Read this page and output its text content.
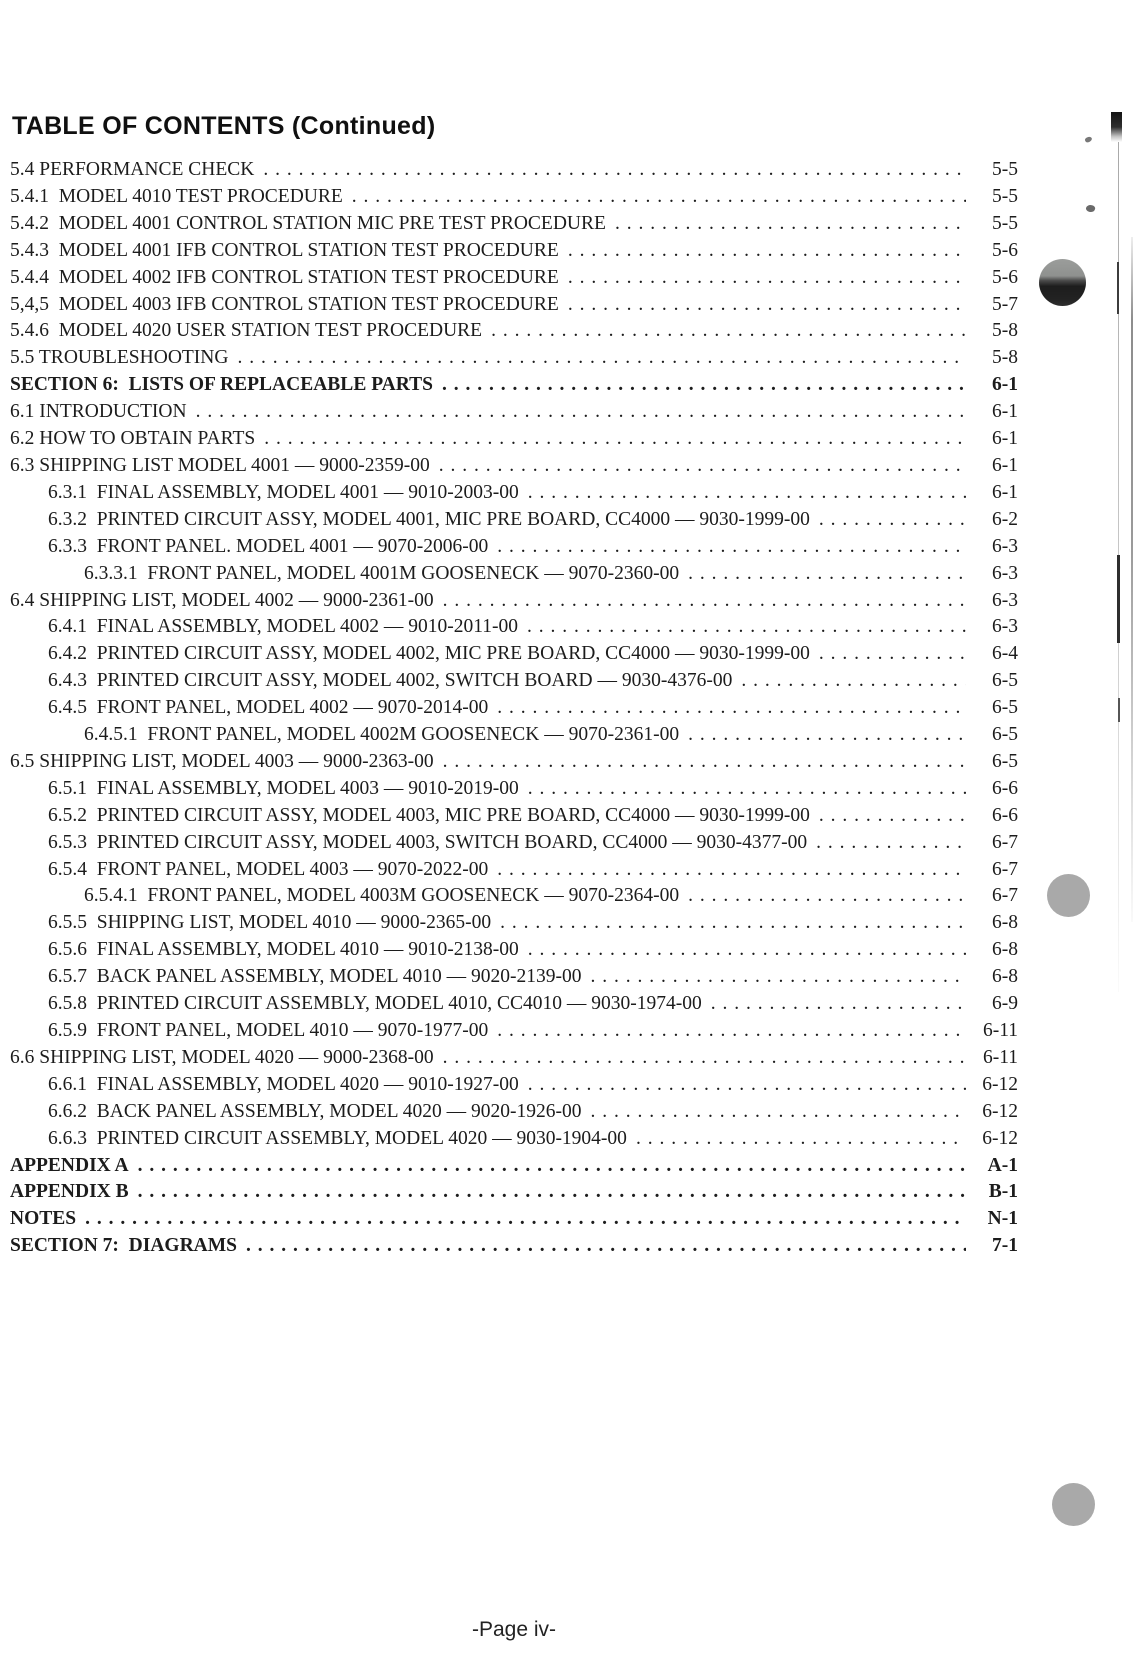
TABLE OF CONTENTS (Continued)
5.4 PERFORMANCE CHECK . . .	5-5
5.4.1  MODEL 4010 TEST PROCEDURE . . .	5-5
5.4.2  MODEL 4001 CONTROL STATION MIC PRE TEST PROCEDURE . . .	5-5
5.4.3  MODEL 4001 IFB CONTROL STATION TEST PROCEDURE . . .	5-6
5.4.4  MODEL 4002 IFB CONTROL STATION TEST PROCEDURE . . .	5-6
5,4,5  MODEL 4003 IFB CONTROL STATION TEST PROCEDURE . . .	5-7
5.4.6  MODEL 4020 USER STATION TEST PROCEDURE . . .	5-8
5.5 TROUBLESHOOTING . . .	5-8
SECTION 6:  LISTS OF REPLACEABLE PARTS . . .	6-1
6.1 INTRODUCTION . . .	6-1
6.2 HOW TO OBTAIN PARTS . . .	6-1
6.3 SHIPPING LIST MODEL 4001 — 9000-2359-00 . . .	6-1
6.3.1  FINAL ASSEMBLY, MODEL 4001 — 9010-2003-00 . . .	6-1
6.3.2  PRINTED CIRCUIT ASSY, MODEL 4001, MIC PRE BOARD, CC4000 — 9030-1999-00 . . .	6-2
6.3.3  FRONT PANEL. MODEL 4001 — 9070-2006-00 . . .	6-3
6.3.3.1  FRONT PANEL, MODEL 4001M GOOSENECK — 9070-2360-00 . . .	6-3
6.4 SHIPPING LIST, MODEL 4002 — 9000-2361-00 . . .	6-3
6.4.1  FINAL ASSEMBLY, MODEL 4002 — 9010-2011-00 . . .	6-3
6.4.2  PRINTED CIRCUIT ASSY, MODEL 4002, MIC PRE BOARD, CC4000 — 9030-1999-00 . . .	6-4
6.4.3  PRINTED CIRCUIT ASSY, MODEL 4002, SWITCH BOARD — 9030-4376-00 . . .	6-5
6.4.5  FRONT PANEL, MODEL 4002 — 9070-2014-00 . . .	6-5
6.4.5.1  FRONT PANEL, MODEL 4002M GOOSENECK — 9070-2361-00 . . .	6-5
6.5 SHIPPING LIST, MODEL 4003 — 9000-2363-00 . . .	6-5
6.5.1  FINAL ASSEMBLY, MODEL 4003 — 9010-2019-00 . . .	6-6
6.5.2  PRINTED CIRCUIT ASSY, MODEL 4003, MIC PRE BOARD, CC4000 — 9030-1999-00 . . .	6-6
6.5.3  PRINTED CIRCUIT ASSY, MODEL 4003, SWITCH BOARD, CC4000 — 9030-4377-00 . . .	6-7
6.5.4  FRONT PANEL, MODEL 4003 — 9070-2022-00 . . .	6-7
6.5.4.1  FRONT PANEL, MODEL 4003M GOOSENECK — 9070-2364-00 . . .	6-7
6.5.5  SHIPPING LIST, MODEL 4010 — 9000-2365-00 . . .	6-8
6.5.6  FINAL ASSEMBLY, MODEL 4010 — 9010-2138-00 . . .	6-8
6.5.7  BACK PANEL ASSEMBLY, MODEL 4010 — 9020-2139-00 . . .	6-8
6.5.8  PRINTED CIRCUIT ASSEMBLY, MODEL 4010, CC4010 — 9030-1974-00 . . .	6-9
6.5.9  FRONT PANEL, MODEL 4010 — 9070-1977-00 . . .	6-11
6.6 SHIPPING LIST, MODEL 4020 — 9000-2368-00 . . .	6-11
6.6.1  FINAL ASSEMBLY, MODEL 4020 — 9010-1927-00 . . .	6-12
6.6.2  BACK PANEL ASSEMBLY, MODEL 4020 — 9020-1926-00 . . .	6-12
6.6.3  PRINTED CIRCUIT ASSEMBLY, MODEL 4020 — 9030-1904-00 . . .	6-12
APPENDIX A . . .	A-1
APPENDIX B . . .	B-1
NOTES . . .	N-1
SECTION 7:  DIAGRAMS . . .	7-1
-Page iv-
